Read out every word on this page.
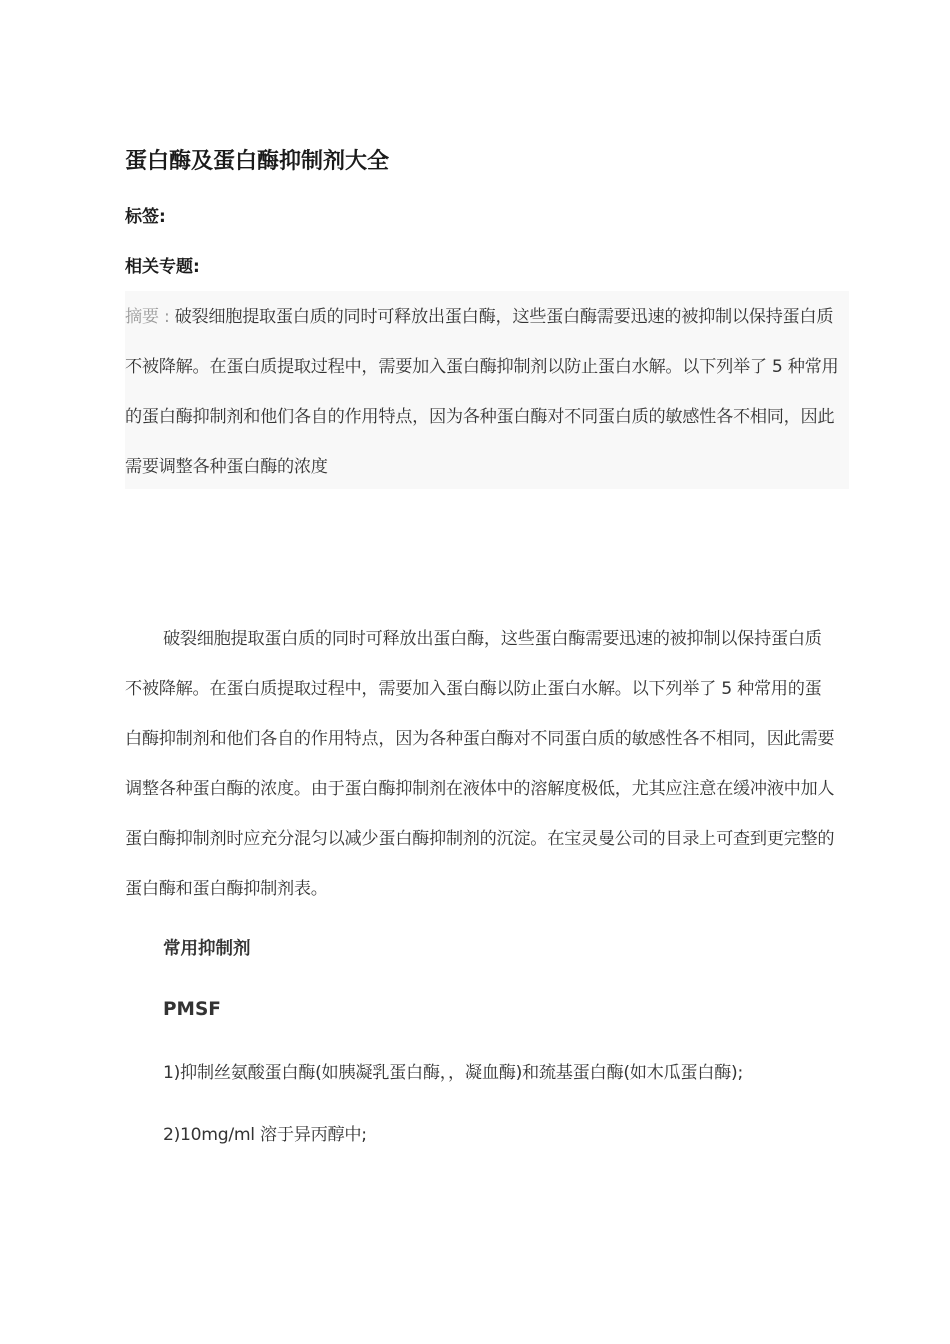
蛋白酶及蛋白酶抑制剂大全
标签:
相关专题:

摘要 : 破裂细胞提取蛋白质的同时可释放出蛋白酶，这些蛋白酶需要迅速的被抑制以保持蛋白质不被降解。在蛋白质提取过程中，需要加入蛋白酶抑制剂以防止蛋白水解。以下列举了 5 种常用的蛋白酶抑制剂和他们各自的作用特点，因为各种蛋白酶对不同蛋白质的敏感性各不相同，因此需要调整各种蛋白酶的浓度

破裂细胞提取蛋白质的同时可释放出蛋白酶，这些蛋白酶需要迅速的被抑制以保持蛋白质不被降解。在蛋白质提取过程中，需要加入蛋白酶以防止蛋白水解。以下列举了 5 种常用的蛋白酶抑制剂和他们各自的作用特点，因为各种蛋白酶对不同蛋白质的敏感性各不相同，因此需要调整各种蛋白酶的浓度。由于蛋白酶抑制剂在液体中的溶解度极低，尤其应注意在缓冲液中加人蛋白酶抑制剂时应充分混匀以减少蛋白酶抑制剂的沉淀。在宝灵曼公司的目录上可查到更完整的蛋白酶和蛋白酶抑制剂表。

常用抑制剂
PMSF
1)抑制丝氨酸蛋白酶(如胰凝乳蛋白酶，，凝血酶)和巯基蛋白酶(如木瓜蛋白酶);
2)10mg/ml 溶于异丙醇中;
